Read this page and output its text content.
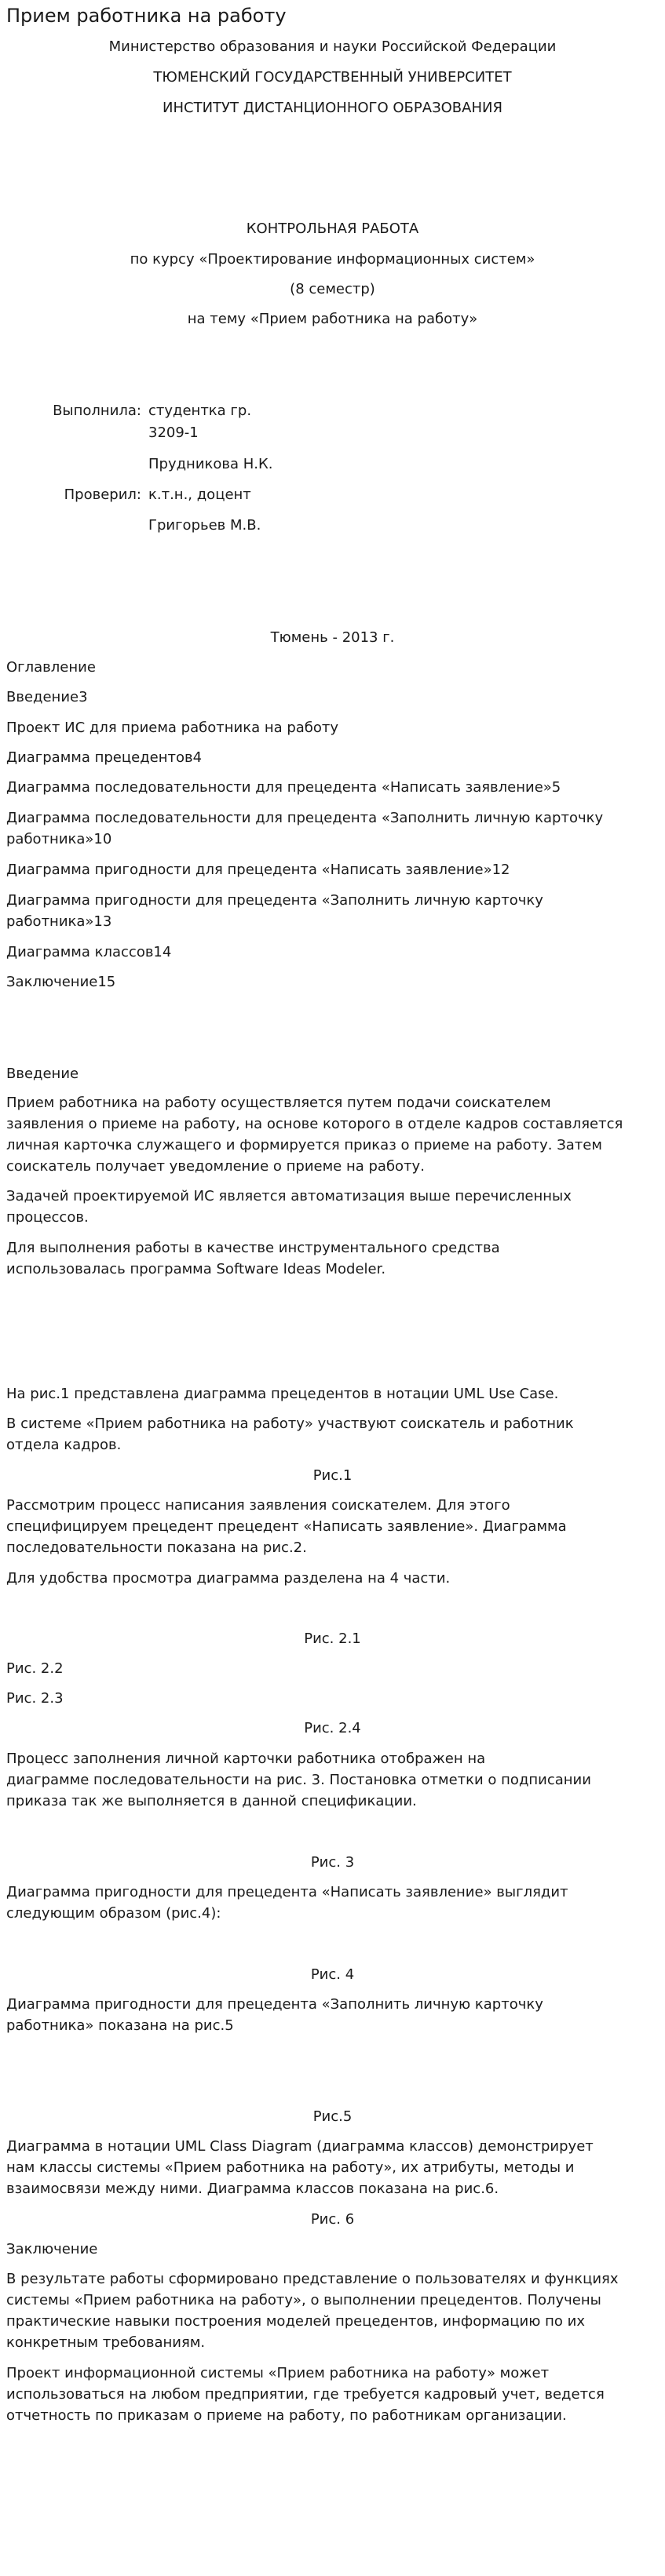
Прием работника на работу
Министерство образования и науки Российской Федерации
ТЮМЕНСКИЙ ГОСУДАРСТВЕННЫЙ УНИВЕРСИТЕТ
ИНСТИТУТ ДИСТАНЦИОННОГО ОБРАЗОВАНИЯ
КОНТРОЛЬНАЯ РАБОТА
по курсу «Проектирование информационных систем»
(8 семестр)
на тему «Прием работника на работу»
Выполнила: студентка гр.
3209-1
Прудникова Н.К.
Проверил: к.т.н., доцент
Григорьев М.В.
Тюмень - 2013 г.
Оглавление
Введение3
Проект ИС для приема работника на работу
Диаграмма прецедентов4
Диаграмма последовательности для прецедента «Написать заявление»5
Диаграмма последовательности для прецедента «Заполнить личную карточку
работника»10
Диаграмма пригодности для прецедента «Написать заявление»12
Диаграмма пригодности для прецедента «Заполнить личную карточку
работника»13
Диаграмма классов14
Заключение15
Введение
Прием работника на работу осуществляется путем подачи соискателем
заявления о приеме на работу, на основе которого в отделе кадров составляется
личная карточка служащего и формируется приказ о приеме на работу. Затем
соискатель получает уведомление о приеме на работу.
Задачей проектируемой ИС является автоматизация выше перечисленных
процессов.
Для выполнения работы в качестве инструментального средства
использовалась программа Software Ideas Modeler.
На рис.1 представлена диаграмма прецедентов в нотации UML Use Case.
В системе «Прием работника на работу» участвуют соискатель и работник
отдела кадров.
Рис.1
Рассмотрим процесс написания заявления соискателем. Для этого
специфицируем прецедент прецедент «Написать заявление». Диаграмма
последовательности показана на рис.2.
Для удобства просмотра диаграмма разделена на 4 части.
Рис. 2.1
Рис. 2.2
Рис. 2.3
Рис. 2.4
Процесс заполнения личной карточки работника отображен на
диаграмме последовательности на рис. 3. Постановка отметки о подписании
приказа так же выполняется в данной спецификации.
Рис. 3
Диаграмма пригодности для прецедента «Написать заявление» выглядит
следующим образом (рис.4):
Рис. 4
Диаграмма пригодности для прецедента «Заполнить личную карточку
работника» показана на рис.5
Рис.5
Диаграмма в нотации UML Class Diagram (диаграмма классов) демонстрирует
нам классы системы «Прием работника на работу», их атрибуты, методы и
взаимосвязи между ними. Диаграмма классов показана на рис.6.
Рис. 6
Заключение
В результате работы сформировано представление о пользователях и функциях
системы «Прием работника на работу», о выполнении прецедентов. Получены
практические навыки построения моделей прецедентов, информацию по их
конкретным требованиям.
Проект информационной системы «Прием работника на работу» может
использоваться на любом предприятии, где требуется кадровый учет, ведется
отчетность по приказам о приеме на работу, по работникам организации.
